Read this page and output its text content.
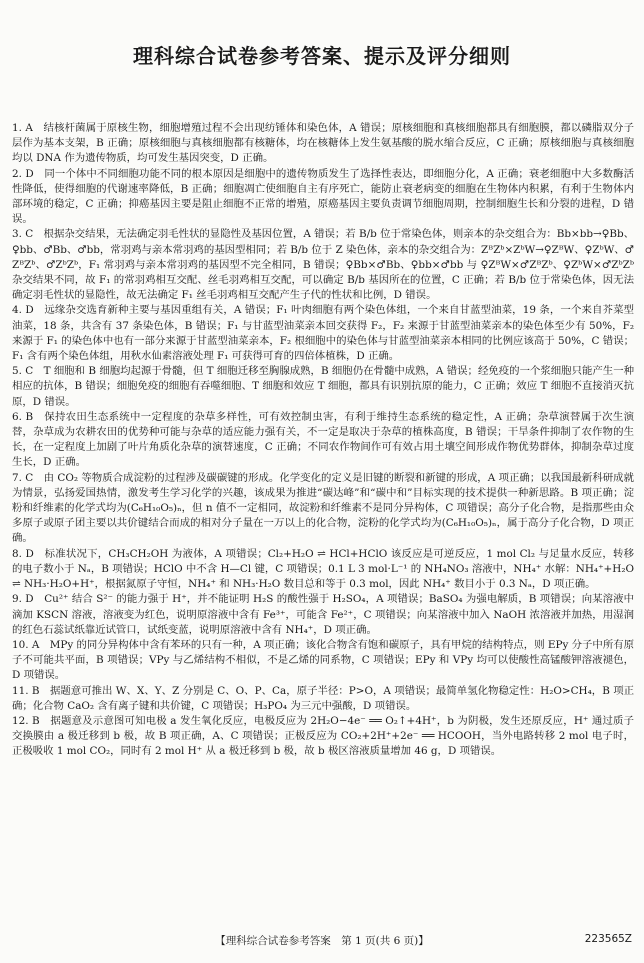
理科综合试卷参考答案、提示及评分细则

1. A　结核杆菌属于原核生物，细胞增殖过程不会出现纺锤体和染色体，A 错误；原核细胞和真核细胞都具有细胞膜，都以磷脂双分子层作为基本支架，B 正确；原核细胞与真核细胞都有核糖体，均在核糖体上发生氨基酸的脱水缩合反应，C 正确；原核细胞与真核细胞均以 DNA 作为遗传物质，均可发生基因突变，D 正确。

2. D　同一个体中不同细胞功能不同的根本原因是细胞中的遗传物质发生了选择性表达，即细胞分化，A 正确；衰老细胞中大多数酶活性降低，使得细胞的代谢速率降低，B 正确；细胞凋亡使细胞自主有序死亡，能防止衰老病变的细胞在生物体内积累，有利于生物体内部环境的稳定，C 正确；抑癌基因主要是阻止细胞不正常的增殖，原癌基因主要负责调节细胞周期，控制细胞生长和分裂的进程，D 错误。

3. C　根据杂交结果，无法确定羽毛性状的显隐性及基因位置，A 错误；若 B/b 位于常染色体，则亲本的杂交组合为：Bb×bb→♀Bb、♀bb、♂Bb、♂bb，常羽鸡与亲本常羽鸡的基因型相同；若 B/b 位于 Z 染色体，亲本的杂交组合为：ZᴮZᵇ×ZᵇW→♀ZᴮW、♀ZᵇW、♂ZᴮZᵇ、♂ZᵇZᵇ，F₁ 常羽鸡与亲本常羽鸡的基因型不完全相同，B 错误；♀Bb×♂Bb、♀bb×♂bb 与 ♀ZᴮW×♂ZᴮZᵇ、♀ZᵇW×♂ZᵇZᵇ 杂交结果不同，故 F₁ 的常羽鸡相互交配、丝毛羽鸡相互交配，可以确定 B/b 基因所在的位置，C 正确；若 B/b 位于常染色体，因无法确定羽毛性状的显隐性，故无法确定 F₁ 丝毛羽鸡相互交配产生子代的性状和比例，D 错误。

4. D　远缘杂交选育新种主要与基因重组有关，A 错误；F₁ 叶肉细胞有两个染色体组，一个来自甘蓝型油菜，19 条，一个来自芥菜型油菜，18 条，共含有 37 条染色体，B 错误；F₁ 与甘蓝型油菜亲本回交获得 F₂，F₂ 来源于甘蓝型油菜亲本的染色体至少有 50%，F₂ 来源于 F₁ 的染色体中也有一部分来源于甘蓝型油菜亲本，F₂ 根细胞中的染色体与甘蓝型油菜亲本相同的比例应该高于 50%，C 错误；F₁ 含有两个染色体组，用秋水仙素溶液处理 F₁ 可获得可育的四倍体植株，D 正确。

5. C　T 细胞和 B 细胞均起源于骨髓，但 T 细胞迁移至胸腺成熟，B 细胞仍在骨髓中成熟，A 错误；经免疫的一个浆细胞只能产生一种相应的抗体，B 错误；细胞免疫的细胞有吞噬细胞、T 细胞和效应 T 细胞，都具有识别抗原的能力，C 正确；效应 T 细胞不直接消灭抗原，D 错误。

6. B　保持农田生态系统中一定程度的杂草多样性，可有效控制虫害，有利于维持生态系统的稳定性，A 正确；杂草演替属于次生演替，杂草成为农耕农田的优势种可能与杂草的适应能力强有关，不一定是取决于杂草的植株高度，B 错误；干旱条件抑制了农作物的生长，在一定程度上加剧了叶片角质化杂草的演替速度，C 正确；不同农作物间作可有效占用土壤空间形成作物优势群体，抑制杂草过度生长，D 正确。

7. C　由 CO₂ 等物质合成淀粉的过程涉及碳碳键的形成。化学变化的定义是旧键的断裂和新键的形成，A 项正确；以我国最新科研成就为情景，弘扬爱国热情，激发考生学习化学的兴趣，该成果为推进“碳达峰”和“碳中和”目标实现的技术提供一种新思路。B 项正确；淀粉和纤维素的化学式均为(C₆H₁₀O₅)ₙ，但 n 值不一定相同，故淀粉和纤维素不是同分异构体，C 项错误；高分子化合物，是指那些由众多原子或原子团主要以共价键结合而成的相对分子量在一万以上的化合物，淀粉的化学式均为(C₆H₁₀O₅)ₙ，属于高分子化合物，D 项正确。

8. D　标准状况下，CH₃CH₂OH 为液体，A 项错误；Cl₂+H₂O ⇌ HCl+HClO 该反应是可逆反应，1 mol Cl₂ 与足量水反应，转移的电子数小于 Nₐ，B 项错误；HClO 中不含 H—Cl 键，C 项错误；0.1 L 3 mol·L⁻¹ 的 NH₄NO₃ 溶液中，NH₄⁺ 水解：NH₄⁺+H₂O ⇌ NH₃·H₂O+H⁺，根据氮原子守恒，NH₄⁺ 和 NH₃·H₂O 数目总和等于 0.3 mol，因此 NH₄⁺ 数目小于 0.3 Nₐ，D 项正确。

9. D　Cu²⁺ 结合 S²⁻ 的能力强于 H⁺，并不能证明 H₂S 的酸性强于 H₂SO₄，A 项错误；BaSO₄ 为强电解质，B 项错误；向某溶液中滴加 KSCN 溶液，溶液变为红色，说明原溶液中含有 Fe³⁺，可能含 Fe²⁺，C 项错误；向某溶液中加入 NaOH 浓溶液并加热，用湿润的红色石蕊试纸靠近试管口，试纸变蓝，说明原溶液中含有 NH₄⁺，D 项正确。

10. A　MPy 的同分异构体中含有苯环的只有一种，A 项正确；该化合物含有饱和碳原子，具有甲烷的结构特点，则 EPy 分子中所有原子不可能共平面，B 项错误；VPy 与乙烯结构不相似，不是乙烯的同系物，C 项错误；EPy 和 VPy 均可以使酸性高锰酸钾溶液褪色，D 项错误。

11. B　据题意可推出 W、X、Y、Z 分别是 C、O、P、Ca，原子半径：P>O，A 项错误；最简单氢化物稳定性：H₂O>CH₄，B 项正确；化合物 CaO₂ 含有离子键和共价键，C 项错误；H₃PO₄ 为三元中强酸，D 项错误。

12. B　据题意及示意图可知电极 a 发生氧化反应，电极反应为 2H₂O−4e⁻ ══ O₂↑+4H⁺，b 为阴极，发生还原反应，H⁺ 通过质子交换膜由 a 极迁移到 b 极，故 B 项正确，A、C 项错误；正极反应为 CO₂+2H⁺+2e⁻ ══ HCOOH，当外电路转移 2 mol 电子时，正极吸收 1 mol CO₂，同时有 2 mol H⁺ 从 a 极迁移到 b 极，故 b 极区溶液质量增加 46 g，D 项错误。

【理科综合试卷参考答案　第 1 页(共 6 页)】	223565Z
